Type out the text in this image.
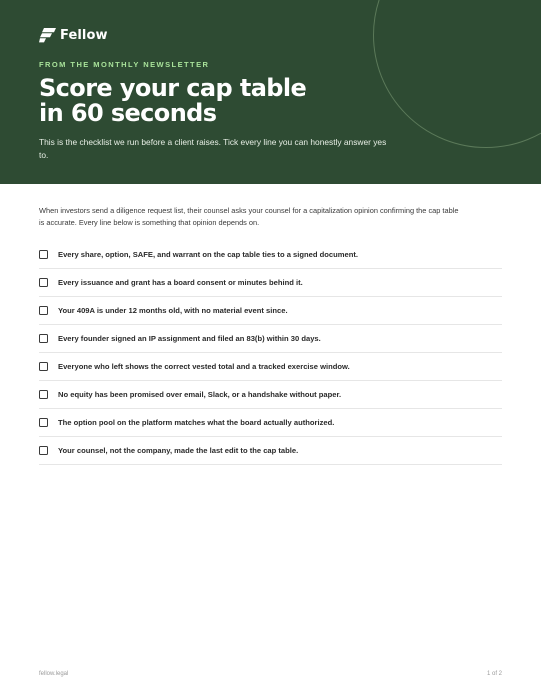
Fellow
FROM THE MONTHLY NEWSLETTER
Score your cap table
in 60 seconds

This is the checklist we run before a client raises. Tick every line you can honestly answer yes to.

When investors send a diligence request list, their counsel asks your counsel for a capitalization opinion confirming the cap table is accurate. Every line below is something that opinion depends on.

Every share, option, SAFE, and warrant on the cap table ties to a signed document.
Every issuance and grant has a board consent or minutes behind it.
Your 409A is under 12 months old, with no material event since.
Every founder signed an IP assignment and filed an 83(b) within 30 days.
Everyone who left shows the correct vested total and a tracked exercise window.
No equity has been promised over email, Slack, or a handshake without paper.
The option pool on the platform matches what the board actually authorized.
Your counsel, not the company, made the last edit to the cap table.
fellow.legal	1 of 2
